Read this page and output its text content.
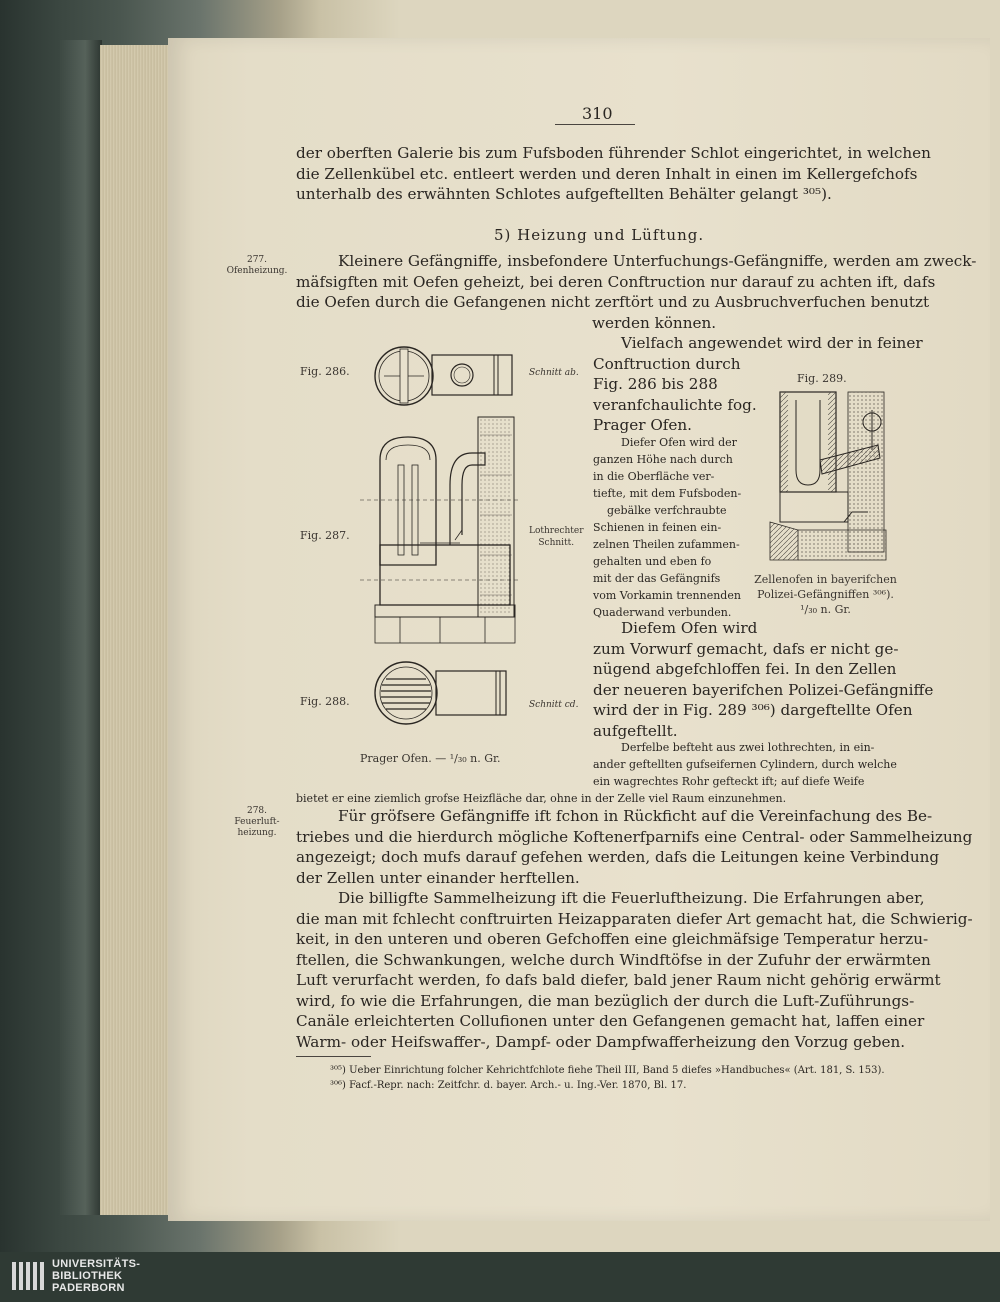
310
der oberften Galerie bis zum Fufsboden führender Schlot eingerichtet, in welchen
die Zellenkübel etc. entleert werden und deren Inhalt in einen im Kellergefchofs
unterhalb des erwähnten Schlotes aufgeftellten Behälter gelangt ³⁰⁵).
5) Heizung und Lüftung.
277.
Ofenheizung.
Kleinere Gefängniffe, insbefondere Unterfuchungs-Gefängniffe, werden am zweck-
mäfsigften mit Oefen geheizt, bei deren Conftruction nur darauf zu achten ift, dafs
die Oefen durch die Gefangenen nicht zerftört und zu Ausbruchverfuchen benutzt
werden können.
Vielfach angewendet wird der in feiner
Conftruction durch
Fig. 286 bis 288
veranfchaulichte fog.
Prager Ofen.
Diefer Ofen wird der
ganzen Höhe nach durch
in die Oberfläche ver-
tiefte, mit dem Fufsboden-
gebälke verfchraubte
Schienen in feinen ein-
zelnen Theilen zufammen-
gehalten und eben fo
mit der das Gefängnifs
vom Vorkamin trennenden
Quaderwand verbunden.
Diefem Ofen wird
zum Vorwurf gemacht, dafs er nicht ge-
nügend abgefchloffen fei. In den Zellen
der neueren bayerifchen Polizei-Gefängniffe
wird der in Fig. 289 ³⁰⁶) dargeftellte Ofen
aufgeftellt.
Derfelbe befteht aus zwei lothrechten, in ein-
ander geftellten gufseifernen Cylindern, durch welche
ein wagrechtes Rohr gefteckt ift; auf diefe Weife
bietet er eine ziemlich grofse Heizfläche dar, ohne in der Zelle viel Raum einzunehmen.
Fig. 286.
Fig. 287.
Fig. 288.
Fig. 289.
Schnitt ab.
Lothrechter
Schnitt.
Schnitt cd.
Prager Ofen. — ¹/₃₀ n. Gr.
Zellenofen in bayerifchen
Polizei-Gefängniffen ³⁰⁶).
¹/₃₀ n. Gr.
278.
Feuerluft-
heizung.
Für gröfsere Gefängniffe ift fchon in Rückficht auf die Vereinfachung des Be-
triebes und die hierdurch mögliche Koftenerfparnifs eine Central- oder Sammelheizung
angezeigt; doch mufs darauf gefehen werden, dafs die Leitungen keine Verbindung
der Zellen unter einander herftellen.
Die billigfte Sammelheizung ift die Feuerluftheizung. Die Erfahrungen aber,
die man mit fchlecht conftruirten Heizapparaten diefer Art gemacht hat, die Schwierig-
keit, in den unteren und oberen Gefchoffen eine gleichmäfsige Temperatur herzu-
ftellen, die Schwankungen, welche durch Windftöfse in der Zufuhr der erwärmten
Luft verurfacht werden, fo dafs bald diefer, bald jener Raum nicht gehörig erwärmt
wird, fo wie die Erfahrungen, die man bezüglich der durch die Luft-Zuführungs-
Canäle erleichterten Collufionen unter den Gefangenen gemacht hat, laffen einer
Warm- oder Heifswaffer-, Dampf- oder Dampfwafferheizung den Vorzug geben.
³⁰⁵) Ueber Einrichtung folcher Kehrichtfchlote fiehe Theil III, Band 5 diefes »Handbuches« (Art. 181, S. 153).
³⁰⁶) Facf.-Repr. nach: Zeitfchr. d. bayer. Arch.- u. Ing.-Ver. 1870, Bl. 17.
UNIVERSITÄTS-
BIBLIOTHEK
PADERBORN
